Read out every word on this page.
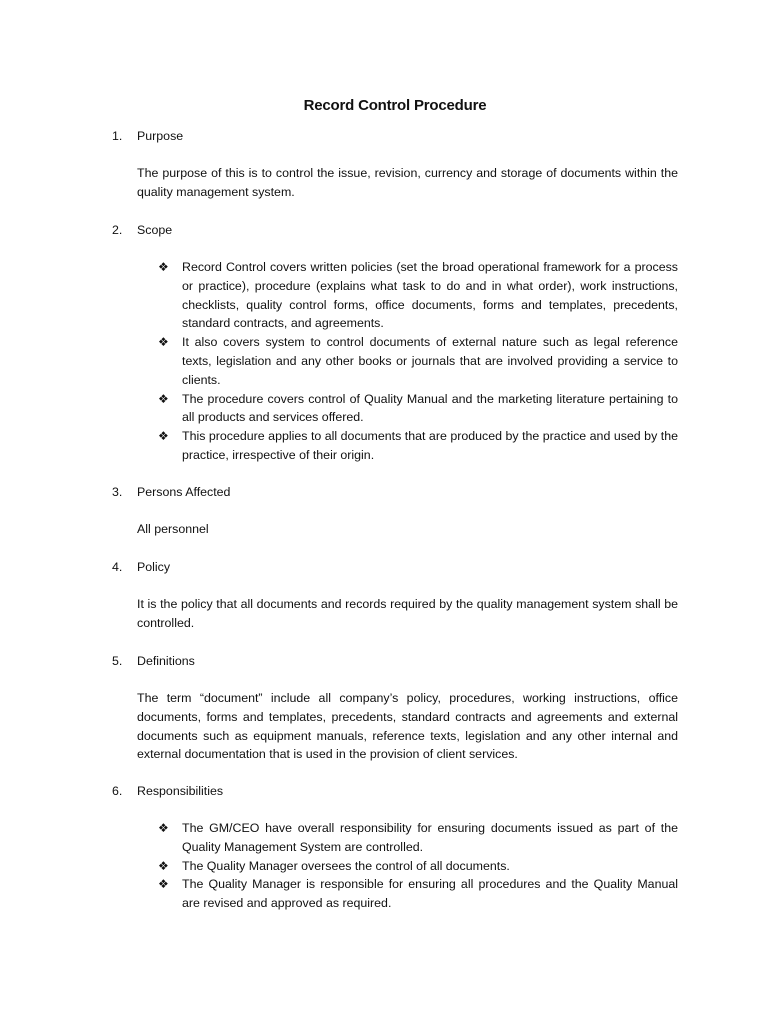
Record Control Procedure
1.	Purpose
The purpose of this is to control the issue, revision, currency and storage of documents within the quality management system.
2.	Scope
❖ Record Control covers written policies (set the broad operational framework for a process or practice), procedure (explains what task to do and in what order), work instructions, checklists, quality control forms, office documents, forms and templates, precedents, standard contracts, and agreements.
❖ It also covers system to control documents of external nature such as legal reference texts, legislation and any other books or journals that are involved providing a service to clients.
❖ The procedure covers control of Quality Manual and the marketing literature pertaining to all products and services offered.
❖ This procedure applies to all documents that are produced by the practice and used by the practice, irrespective of their origin.
3.	Persons Affected
All personnel
4.	Policy
It is the policy that all documents and records required by the quality management system shall be controlled.
5.	Definitions
The term “document” include all company’s policy, procedures, working instructions, office documents, forms and templates, precedents, standard contracts and agreements and external documents such as equipment manuals, reference texts, legislation and any other internal and external documentation that is used in the provision of client services.
6.	Responsibilities
❖ The GM/CEO have overall responsibility for ensuring documents issued as part of the Quality Management System are controlled.
❖ The Quality Manager oversees the control of all documents.
❖ The Quality Manager is responsible for ensuring all procedures and the Quality Manual are revised and approved as required.
